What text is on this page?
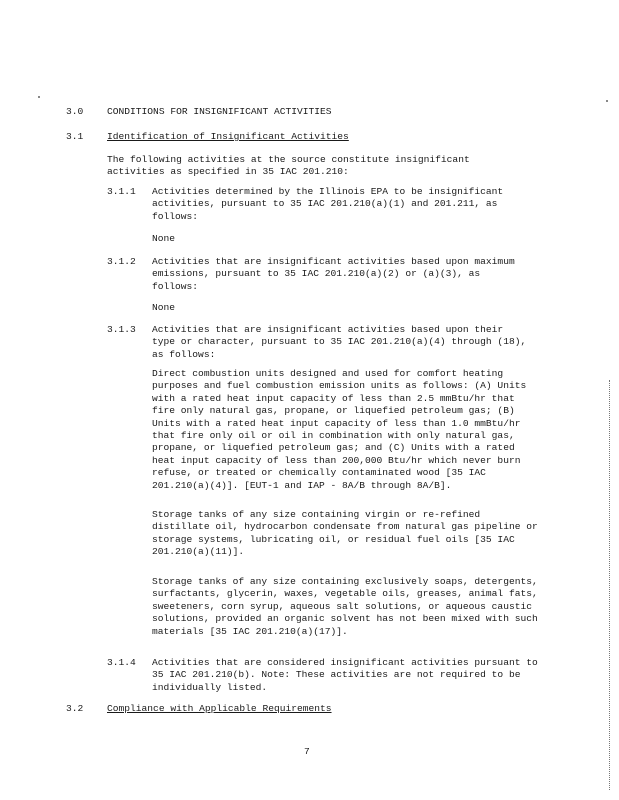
3.0 CONDITIONS FOR INSIGNIFICANT ACTIVITIES
3.1 Identification of Insignificant Activities
The following activities at the source constitute insignificant activities as specified in 35 IAC 201.210:
3.1.1 Activities determined by the Illinois EPA to be insignificant activities, pursuant to 35 IAC 201.210(a)(1) and 201.211, as follows:
None
3.1.2 Activities that are insignificant activities based upon maximum emissions, pursuant to 35 IAC 201.210(a)(2) or (a)(3), as follows:
None
3.1.3 Activities that are insignificant activities based upon their type or character, pursuant to 35 IAC 201.210(a)(4) through (18), as follows:
Direct combustion units designed and used for comfort heating purposes and fuel combustion emission units as follows: (A) Units with a rated heat input capacity of less than 2.5 mmBtu/hr that fire only natural gas, propane, or liquefied petroleum gas; (B) Units with a rated heat input capacity of less than 1.0 mmBtu/hr that fire only oil or oil in combination with only natural gas, propane, or liquefied petroleum gas; and (C) Units with a rated heat input capacity of less than 200,000 Btu/hr which never burn refuse, or treated or chemically contaminated wood [35 IAC 201.210(a)(4)]. [EUT-1 and IAP - 8A/B through 8A/B].
Storage tanks of any size containing virgin or re-refined distillate oil, hydrocarbon condensate from natural gas pipeline or storage systems, lubricating oil, or residual fuel oils [35 IAC 201.210(a)(11)].
Storage tanks of any size containing exclusively soaps, detergents, surfactants, glycerin, waxes, vegetable oils, greases, animal fats, sweeteners, corn syrup, aqueous salt solutions, or aqueous caustic solutions, provided an organic solvent has not been mixed with such materials [35 IAC 201.210(a)(17)].
3.1.4 Activities that are considered insignificant activities pursuant to 35 IAC 201.210(b). Note: These activities are not required to be individually listed.
3.2 Compliance with Applicable Requirements
7
